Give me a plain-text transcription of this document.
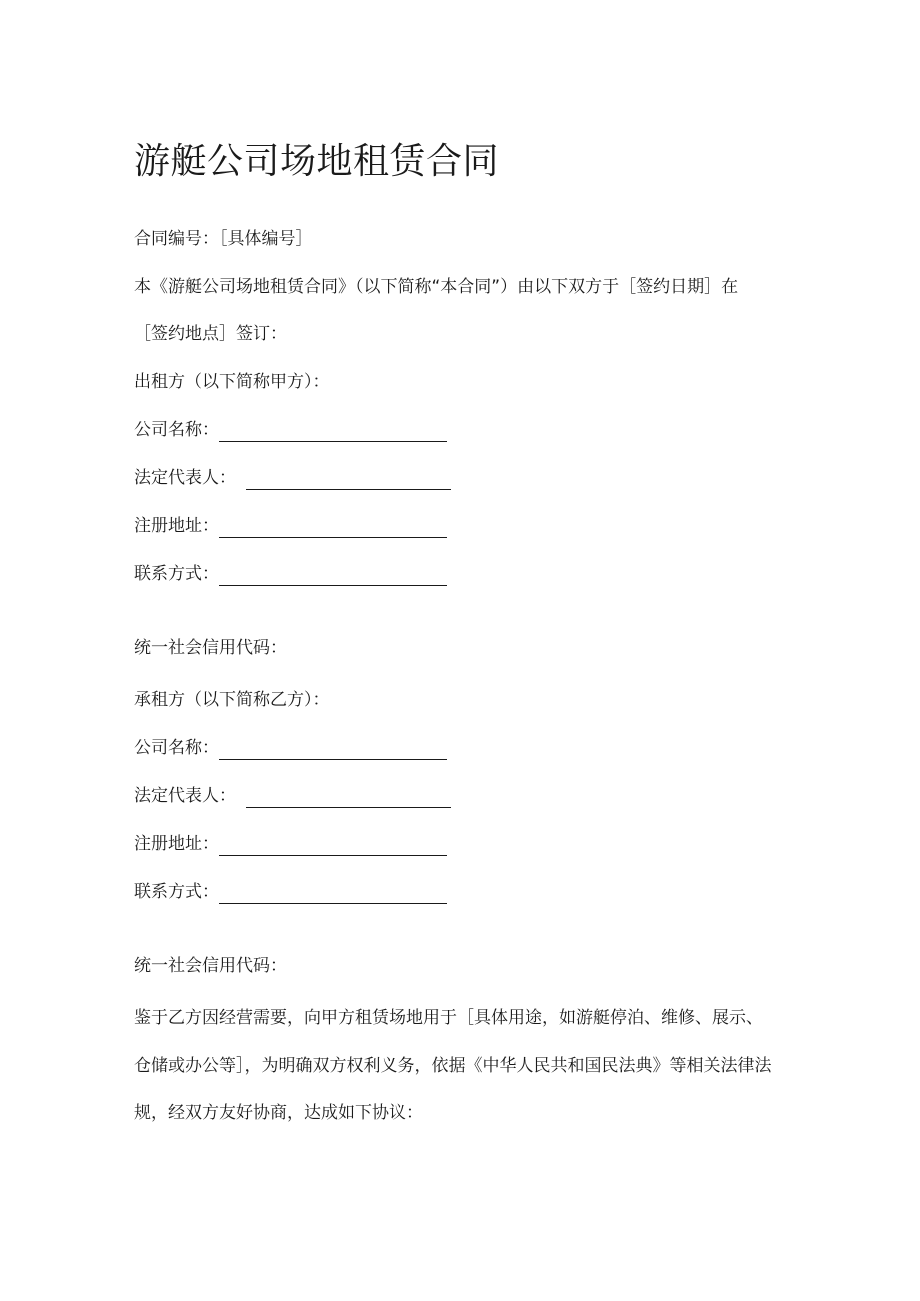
游艇公司场地租赁合同

合同编号：［具体编号］

本《游艇公司场地租赁合同》（以下简称“本合同”）由以下双方于［签约日期］在

［签约地点］签订：

出租方（以下简称甲方）：

公司名称：
法定代表人：
注册地址：
联系方式：

统一社会信用代码：

承租方（以下简称乙方）：

公司名称：
法定代表人：
注册地址：
联系方式：

统一社会信用代码：

鉴于乙方因经营需要，向甲方租赁场地用于［具体用途，如游艇停泊、维修、展示、

仓储或办公等］，为明确双方权利义务，依据《中华人民共和国民法典》等相关法律法

规，经双方友好协商，达成如下协议：
